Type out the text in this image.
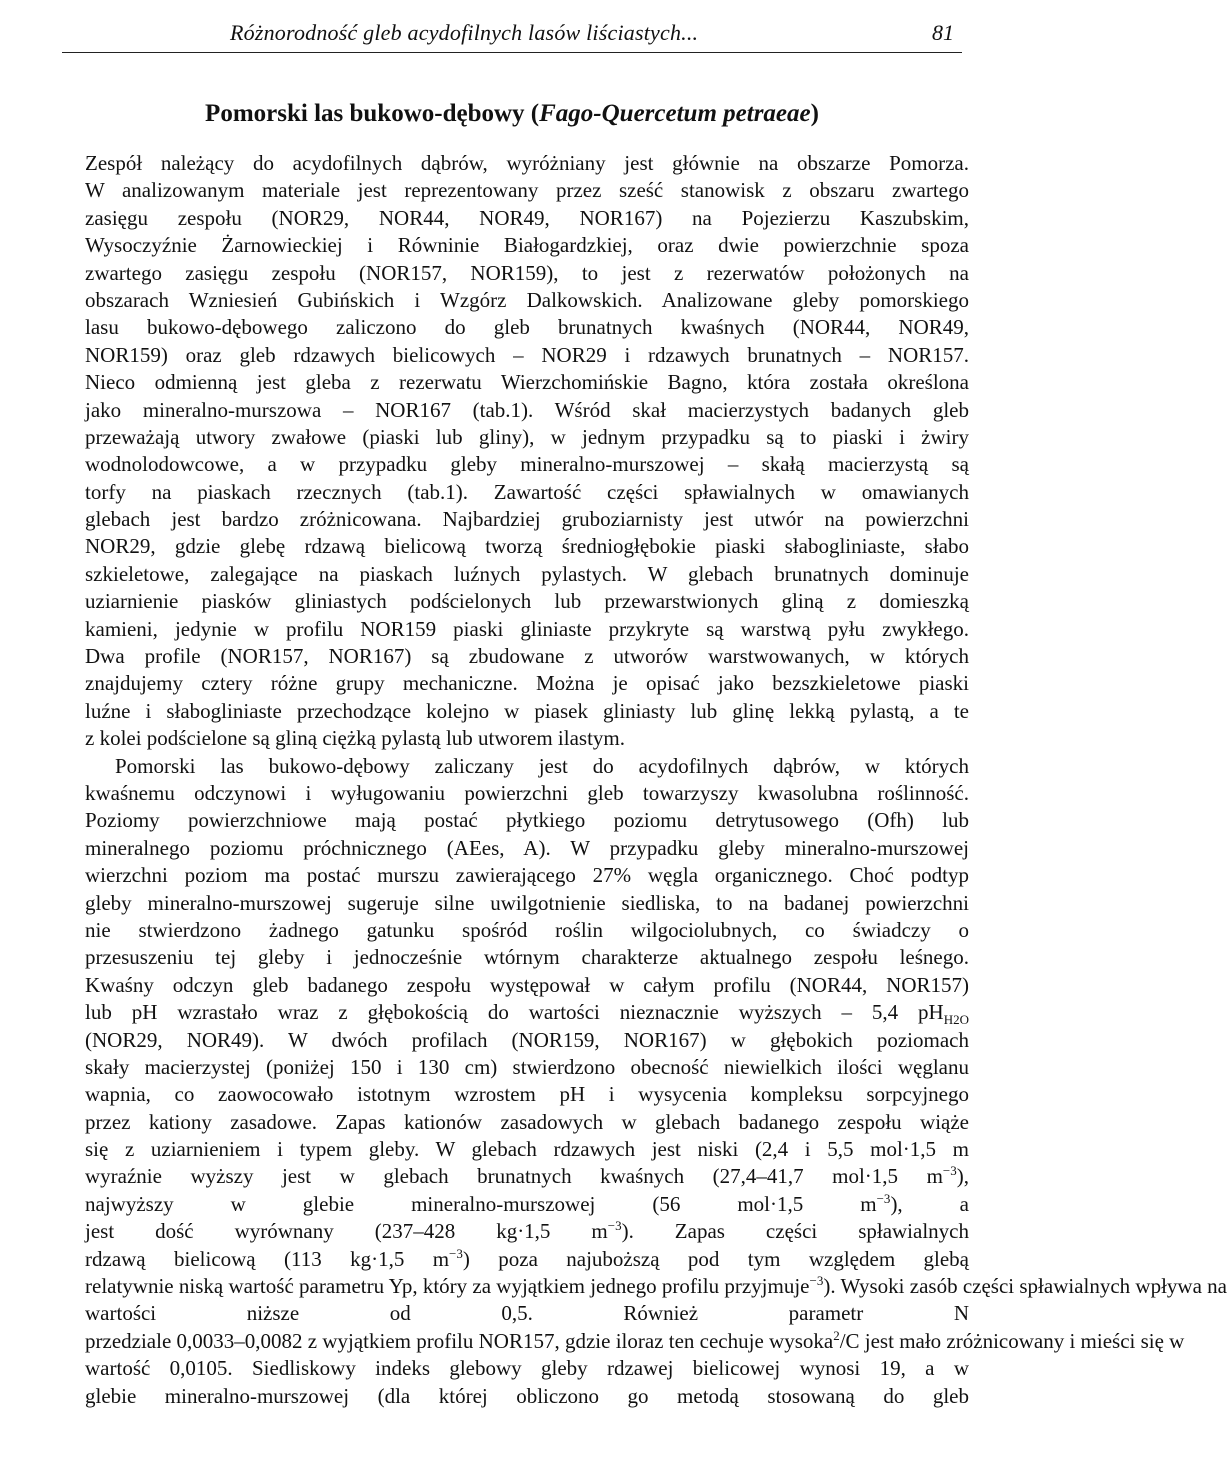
Różnorodność gleb acydofilnych lasów liściastych...	81
Pomorski las bukowo-dębowy (Fago-Quercetum petraeae)
Zespół należący do acydofilnych dąbrów, wyróżniany jest głównie na obszarze Pomorza.
W analizowanym materiale jest reprezentowany przez sześć stanowisk z obszaru zwartego
zasięgu zespołu (NOR29, NOR44, NOR49, NOR167) na Pojezierzu Kaszubskim,
Wysoczyźnie Żarnowieckiej i Równinie Białogardzkiej, oraz dwie powierzchnie spoza
zwartego zasięgu zespołu (NOR157, NOR159), to jest z rezerwatów położonych na
obszarach Wzniesień Gubińskich i Wzgórz Dalkowskich. Analizowane gleby pomorskiego
lasu bukowo-dębowego zaliczono do gleb brunatnych kwaśnych (NOR44, NOR49,
NOR159) oraz gleb rdzawych bielicowych – NOR29 i rdzawych brunatnych – NOR157.
Nieco odmienną jest gleba z rezerwatu Wierzchomińskie Bagno, która została określona
jako mineralno-murszowa – NOR167 (tab.1). Wśród skał macierzystych badanych gleb
przeważają utwory zwałowe (piaski lub gliny), w jednym przypadku są to piaski i żwiry
wodnolodowcowe, a w przypadku gleby mineralno-murszowej – skałą macierzystą są
torfy na piaskach rzecznych (tab.1). Zawartość części spławialnych w omawianych
glebach jest bardzo zróżnicowana. Najbardziej gruboziarnisty jest utwór na powierzchni
NOR29, gdzie glebę rdzawą bielicową tworzą średniogłębokie piaski słabogliniaste, słabo
szkieletowe, zalegające na piaskach luźnych pylastych. W glebach brunatnych dominuje
uziarnienie piasków gliniastych podścielonych lub przewarstwionych gliną z domieszką
kamieni, jedynie w profilu NOR159 piaski gliniaste przykryte są warstwą pyłu zwykłego.
Dwa profile (NOR157, NOR167) są zbudowane z utworów warstwowanych, w których
znajdujemy cztery różne grupy mechaniczne. Można je opisać jako bezszkieletowe piaski
luźne i słabogliniaste przechodzące kolejno w piasek gliniasty lub glinę lekką pylastą, a te
z kolei podścielone są gliną ciężką pylastą lub utworem ilastym.
Pomorski las bukowo-dębowy zaliczany jest do acydofilnych dąbrów, w których
kwaśnemu odczynowi i wyługowaniu powierzchni gleb towarzyszy kwasolubna roślinność.
Poziomy powierzchniowe mają postać płytkiego poziomu detrytusowego (Ofh) lub
mineralnego poziomu próchnicznego (AEes, A). W przypadku gleby mineralno-murszowej
wierzchni poziom ma postać murszu zawierającego 27% węgla organicznego. Choć podtyp
gleby mineralno-murszowej sugeruje silne uwilgotnienie siedliska, to na badanej powierzchni
nie stwierdzono żadnego gatunku spośród roślin wilgociolubnych, co świadczy o
przesuszeniu tej gleby i jednocześnie wtórnym charakterze aktualnego zespołu leśnego.
Kwaśny odczyn gleb badanego zespołu występował w całym profilu (NOR44, NOR157)
lub pH wzrastało wraz z głębokością do wartości nieznacznie wyższych – 5,4 $pH_{H2O}$
(NOR29, NOR49). W dwóch profilach (NOR159, NOR167) w głębokich poziomach
skały macierzystej (poniżej 150 i 130 cm) stwierdzono obecność niewielkich ilości węglanu
wapnia, co zaowocowało istotnym wzrostem pH i wysycenia kompleksu sorpcyjnego
przez kationy zasadowe. Zapas kationów zasadowych w glebach badanego zespołu wiąże
się z uziarnieniem i typem gleby. W glebach rdzawych jest niski (2,4 i 5,5 mol·1,5 m
wyraźnie wyższy jest w glebach brunatnych kwaśnych (27,4–41,7 mol·1,5 $m^{-3}$),
najwyższy w glebie mineralno-murszowej (56 mol·1,5 $m^{-3}$), a
jest dość wyrównany (237–428 kg·1,5 $m^{-3}$). Zapas części spławialnych
rdzawą bielicową (113 kg·1,5 $m^{-3}$) poza najuboższą pod tym względem glebą
relatywnie niską wartość parametru Yp, który za wyjątkiem jednego profilu przyjmuje$^{-3}$). Wysoki zasób części spławialnych wpływa na
wartości niższe od 0,5. Również parametr N
przedziale 0,0033–0,0082 z wyjątkiem profilu NOR157, gdzie iloraz ten cechuje wysoka$^2$/C jest mało zróżnicowany i mieści się w
wartość 0,0105. Siedliskowy indeks glebowy gleby rdzawej bielicowej wynosi 19, a w
glebie mineralno-murszowej (dla której obliczono go metodą stosowaną do gleb
